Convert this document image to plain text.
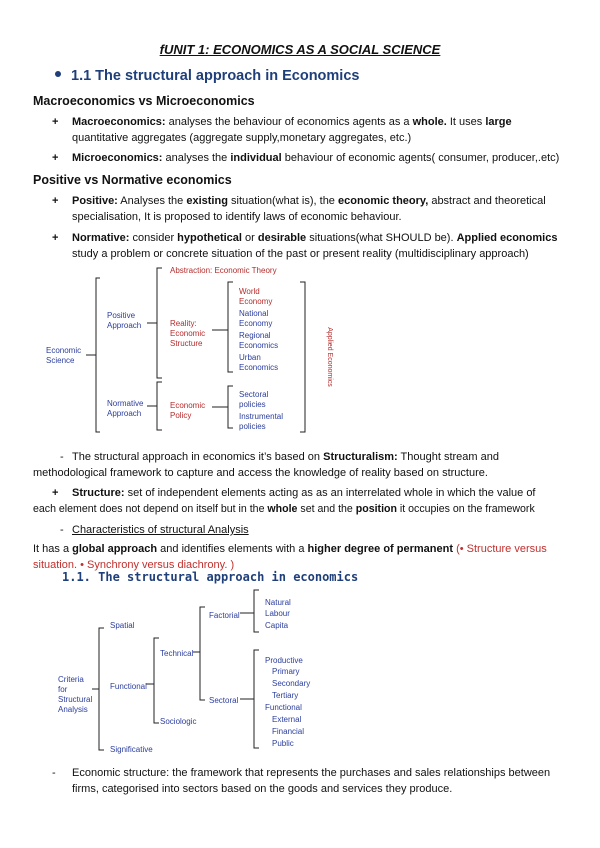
fUNIT 1: ECONOMICS AS A SOCIAL SCIENCE
1.1 The structural approach in Economics
Macroeconomics vs Microeconomics
+ Macroeconomics: analyses the behaviour of economics agents as a whole. It uses large
quantitative aggregates (aggregate supply,monetary aggregates, etc.)
+ Microeconomics: analyses the individual behaviour of economic agents( consumer, producer,.etc)
Positive vs Normative economics
+ Positive: Analyses the existing situation(what is), the economic theory, abstract and theoretical
specialisation, It is proposed to identify laws of economic behaviour.
+ Normative: consider hypothetical or desirable situations(what SHOULD be). Applied economics
study a problem or concrete situation of the past or present reality (multidisciplinary approach)
Abstraction: Economic Theory
Economic
Science
Positive
Approach
Normative
Approach
Reality:
Economic
Structure
Economic
Policy
World
Economy
National
Economy
Regional
Economics
Urban
Economics
Sectoral
policies
Instrumental
policies
Applied Economics
- The structural approach in economics it’s based on Structuralism: Thought stream and
methodological framework to capture and access the knowledge of reality based on structure.
+ Structure: set of independent elements acting as as an interrelated whole in which the value of
each element does not depend on itself but in the whole set and the position it occupies on the framework
- Characteristics of structural Analysis
It has a global approach and identifies elements with a higher degree of permanent (• Structure versus
situation. • Synchrony versus diachrony. )
1.1. The structural approach in economics
Criteria
for
Structural
Analysis
Spatial
Functional
Significative
Technical
Sociologic
Factorial
Sectoral
Natural
Labour
Capita
Productive
Primary
Secondary
Tertiary
Functional
External
Financial
Public
- Economic structure: the framework that represents the purchases and sales relationships between
firms, categorised into sectors based on the goods and services they produce.
